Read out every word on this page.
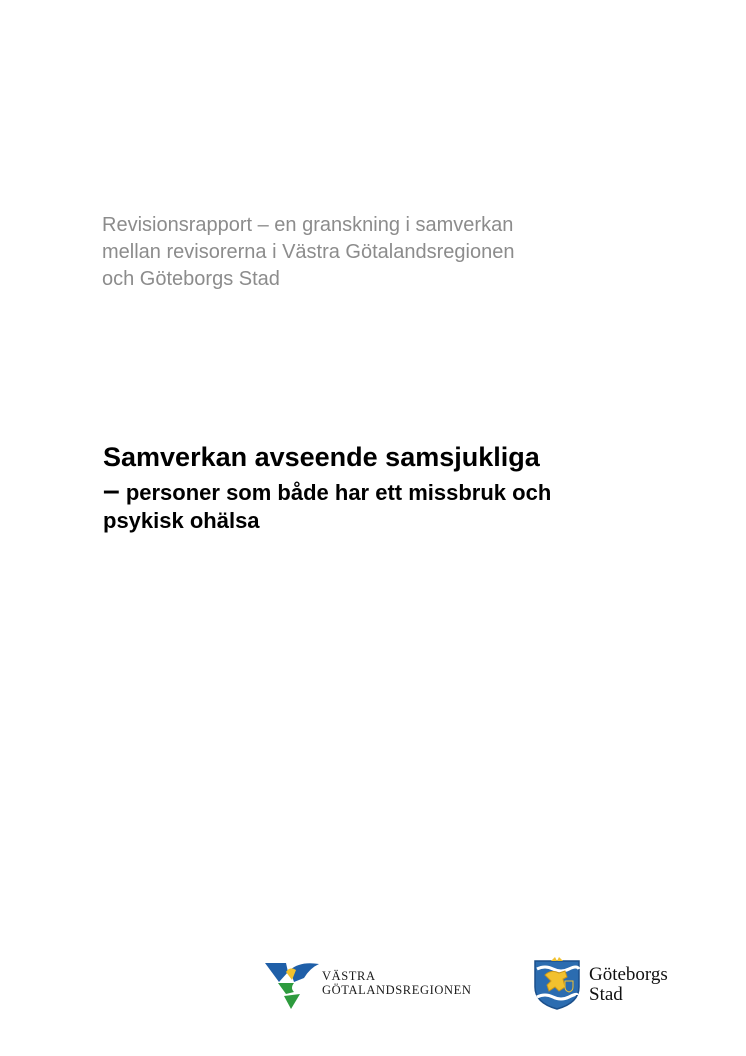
Revisionsrapport – en granskning i samverkan
mellan revisorerna i Västra Götalandsregionen
och Göteborgs Stad
Samverkan avseende samsjukliga
– personer som både har ett missbruk och
psykisk ohälsa
VÄSTRA
GÖTALANDSREGIONEN
Göteborgs
Stad
